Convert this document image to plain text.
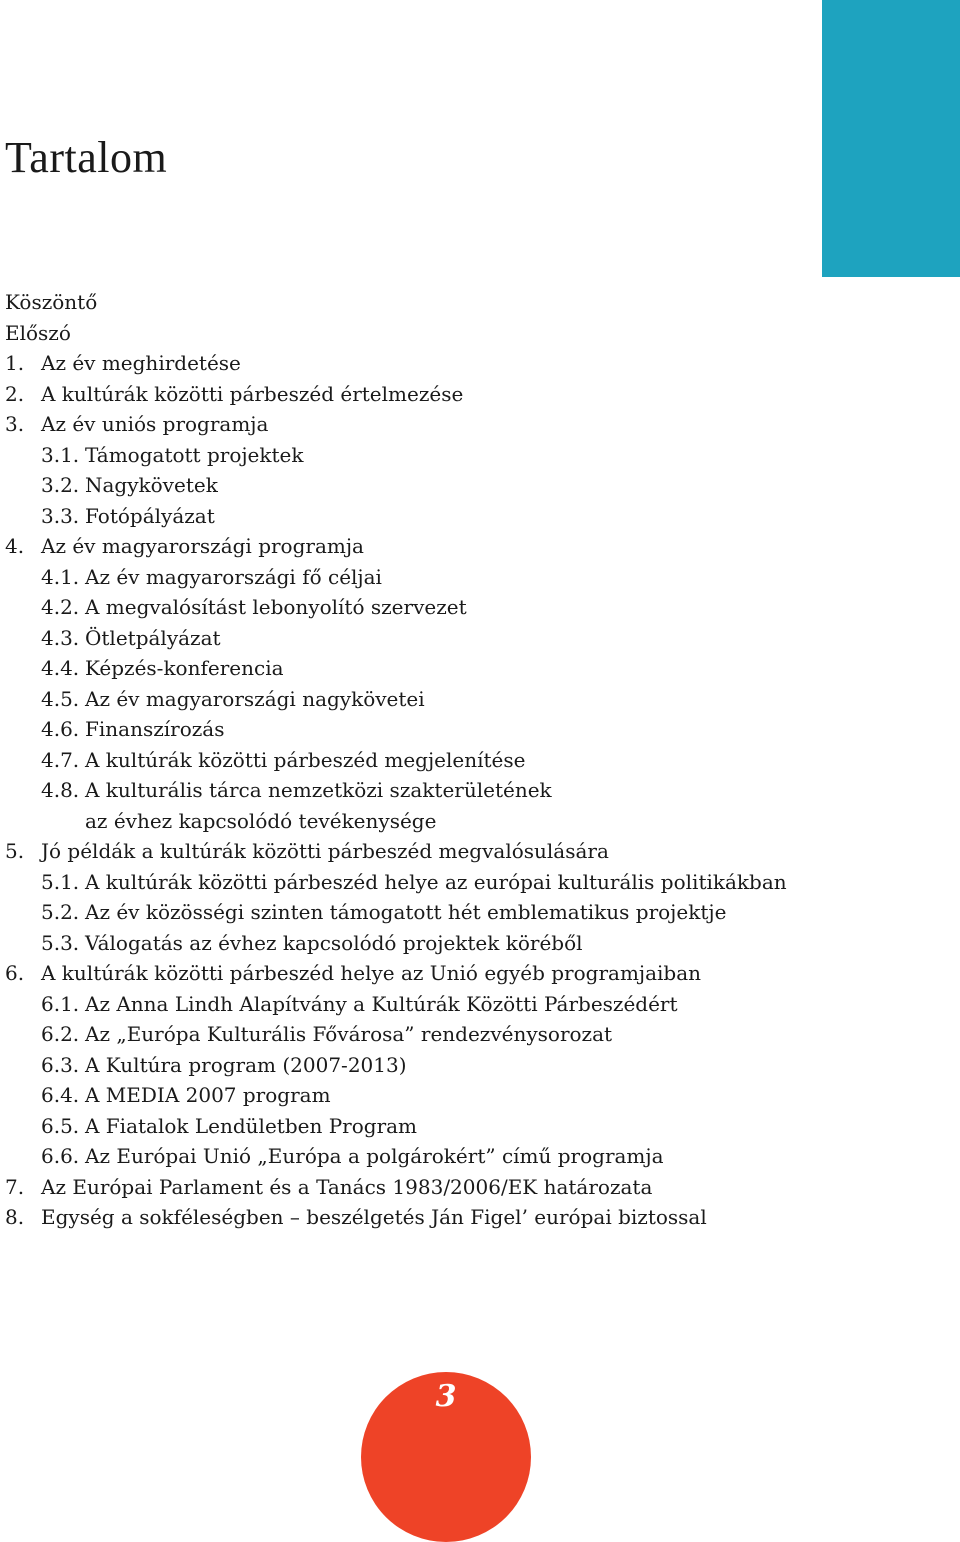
Tartalom
Köszöntő
Előszó
1. Az év meghirdetése
2. A kultúrák közötti párbeszéd értelmezése
3. Az év uniós programja
3.1. Támogatott projektek
3.2. Nagykövetek
3.3. Fotópályázat
4. Az év magyarországi programja
4.1. Az év magyarországi fő céljai
4.2. A megvalósítást lebonyolító szervezet
4.3. Ötletpályázat
4.4. Képzés-konferencia
4.5. Az év magyarországi nagykövetei
4.6. Finanszírozás
4.7. A kultúrák közötti párbeszéd megjelenítése
4.8. A kulturális tárca nemzetközi szakterületének
az évhez kapcsolódó tevékenysége
5. Jó példák a kultúrák közötti párbeszéd megvalósulására
5.1. A kultúrák közötti párbeszéd helye az európai kulturális politikákban
5.2. Az év közösségi szinten támogatott hét emblematikus projektje
5.3. Válogatás az évhez kapcsolódó projektek köréből
6. A kultúrák közötti párbeszéd helye az Unió egyéb programjaiban
6.1. Az Anna Lindh Alapítvány a Kultúrák Közötti Párbeszédért
6.2. Az „Európa Kulturális Fővárosa” rendezvénysorozat
6.3. A Kultúra program (2007-2013)
6.4. A MEDIA 2007 program
6.5. A Fiatalok Lendületben Program
6.6. Az Európai Unió „Európa a polgárokért” című programja
7. Az Európai Parlament és a Tanács 1983/2006/EK határozata
8. Egység a sokféleségben – beszélgetés Ján Figel’ európai biztossal
3
